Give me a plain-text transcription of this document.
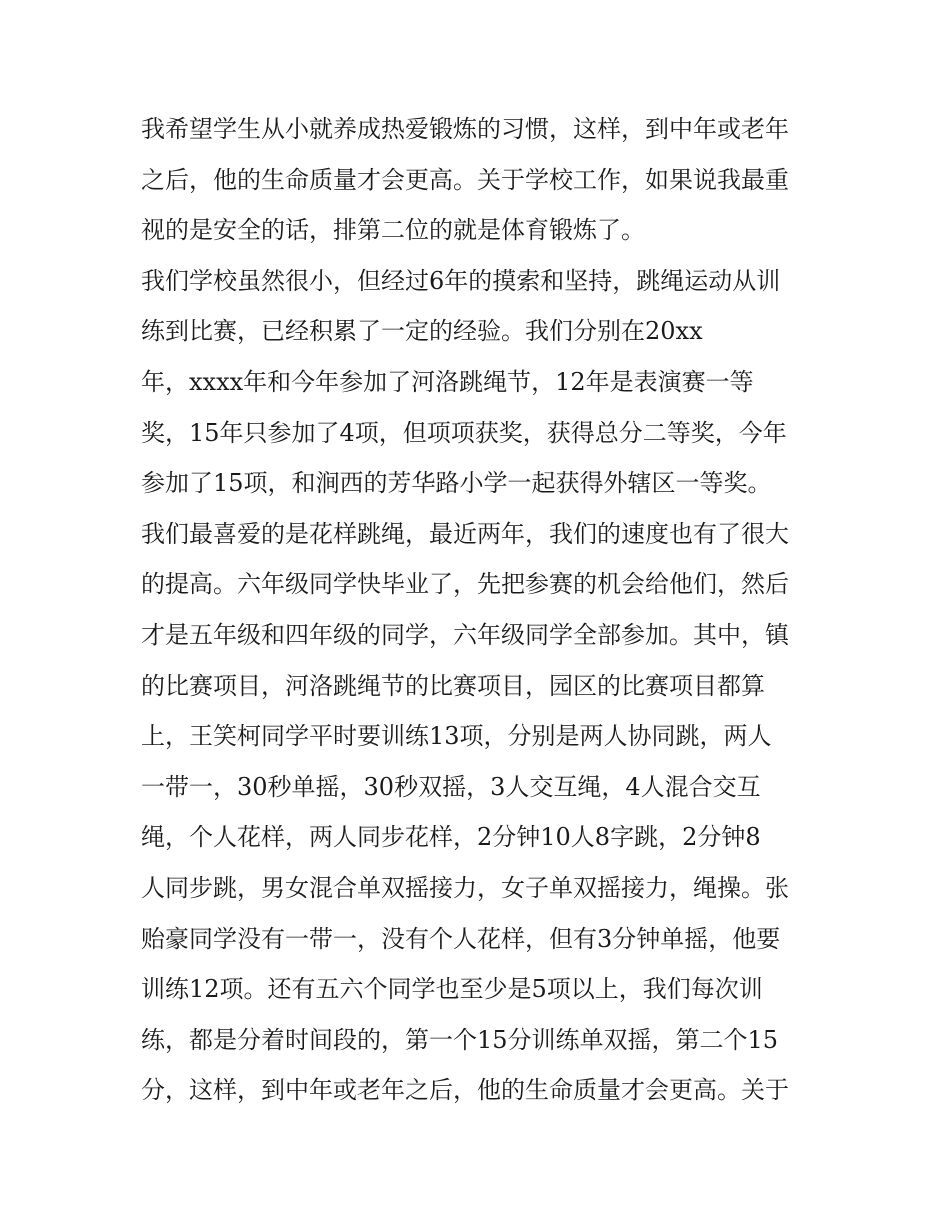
我希望学生从小就养成热爱锻炼的习惯，这样，到中年或老年
之后，他的生命质量才会更高。关于学校工作，如果说我最重
视的是安全的话，排第二位的就是体育锻炼了。
我们学校虽然很小，但经过6年的摸索和坚持，跳绳运动从训
练到比赛，已经积累了一定的经验。我们分别在20xx
年，xxxx年和今年参加了河洛跳绳节，12年是表演赛一等
奖，15年只参加了4项，但项项获奖，获得总分二等奖，今年
参加了15项，和涧西的芳华路小学一起获得外辖区一等奖。
我们最喜爱的是花样跳绳，最近两年，我们的速度也有了很大
的提高。六年级同学快毕业了，先把参赛的机会给他们，然后
才是五年级和四年级的同学，六年级同学全部参加。其中，镇
的比赛项目，河洛跳绳节的比赛项目，园区的比赛项目都算
上，王笑柯同学平时要训练13项，分别是两人协同跳，两人
一带一，30秒单摇，30秒双摇，3人交互绳，4人混合交互
绳，个人花样，两人同步花样，2分钟10人8字跳，2分钟8
人同步跳，男女混合单双摇接力，女子单双摇接力，绳操。张
贻豪同学没有一带一，没有个人花样，但有3分钟单摇，他要
训练12项。还有五六个同学也至少是5项以上，我们每次训
练，都是分着时间段的，第一个15分训练单双摇，第二个15
分，这样，到中年或老年之后，他的生命质量才会更高。关于
